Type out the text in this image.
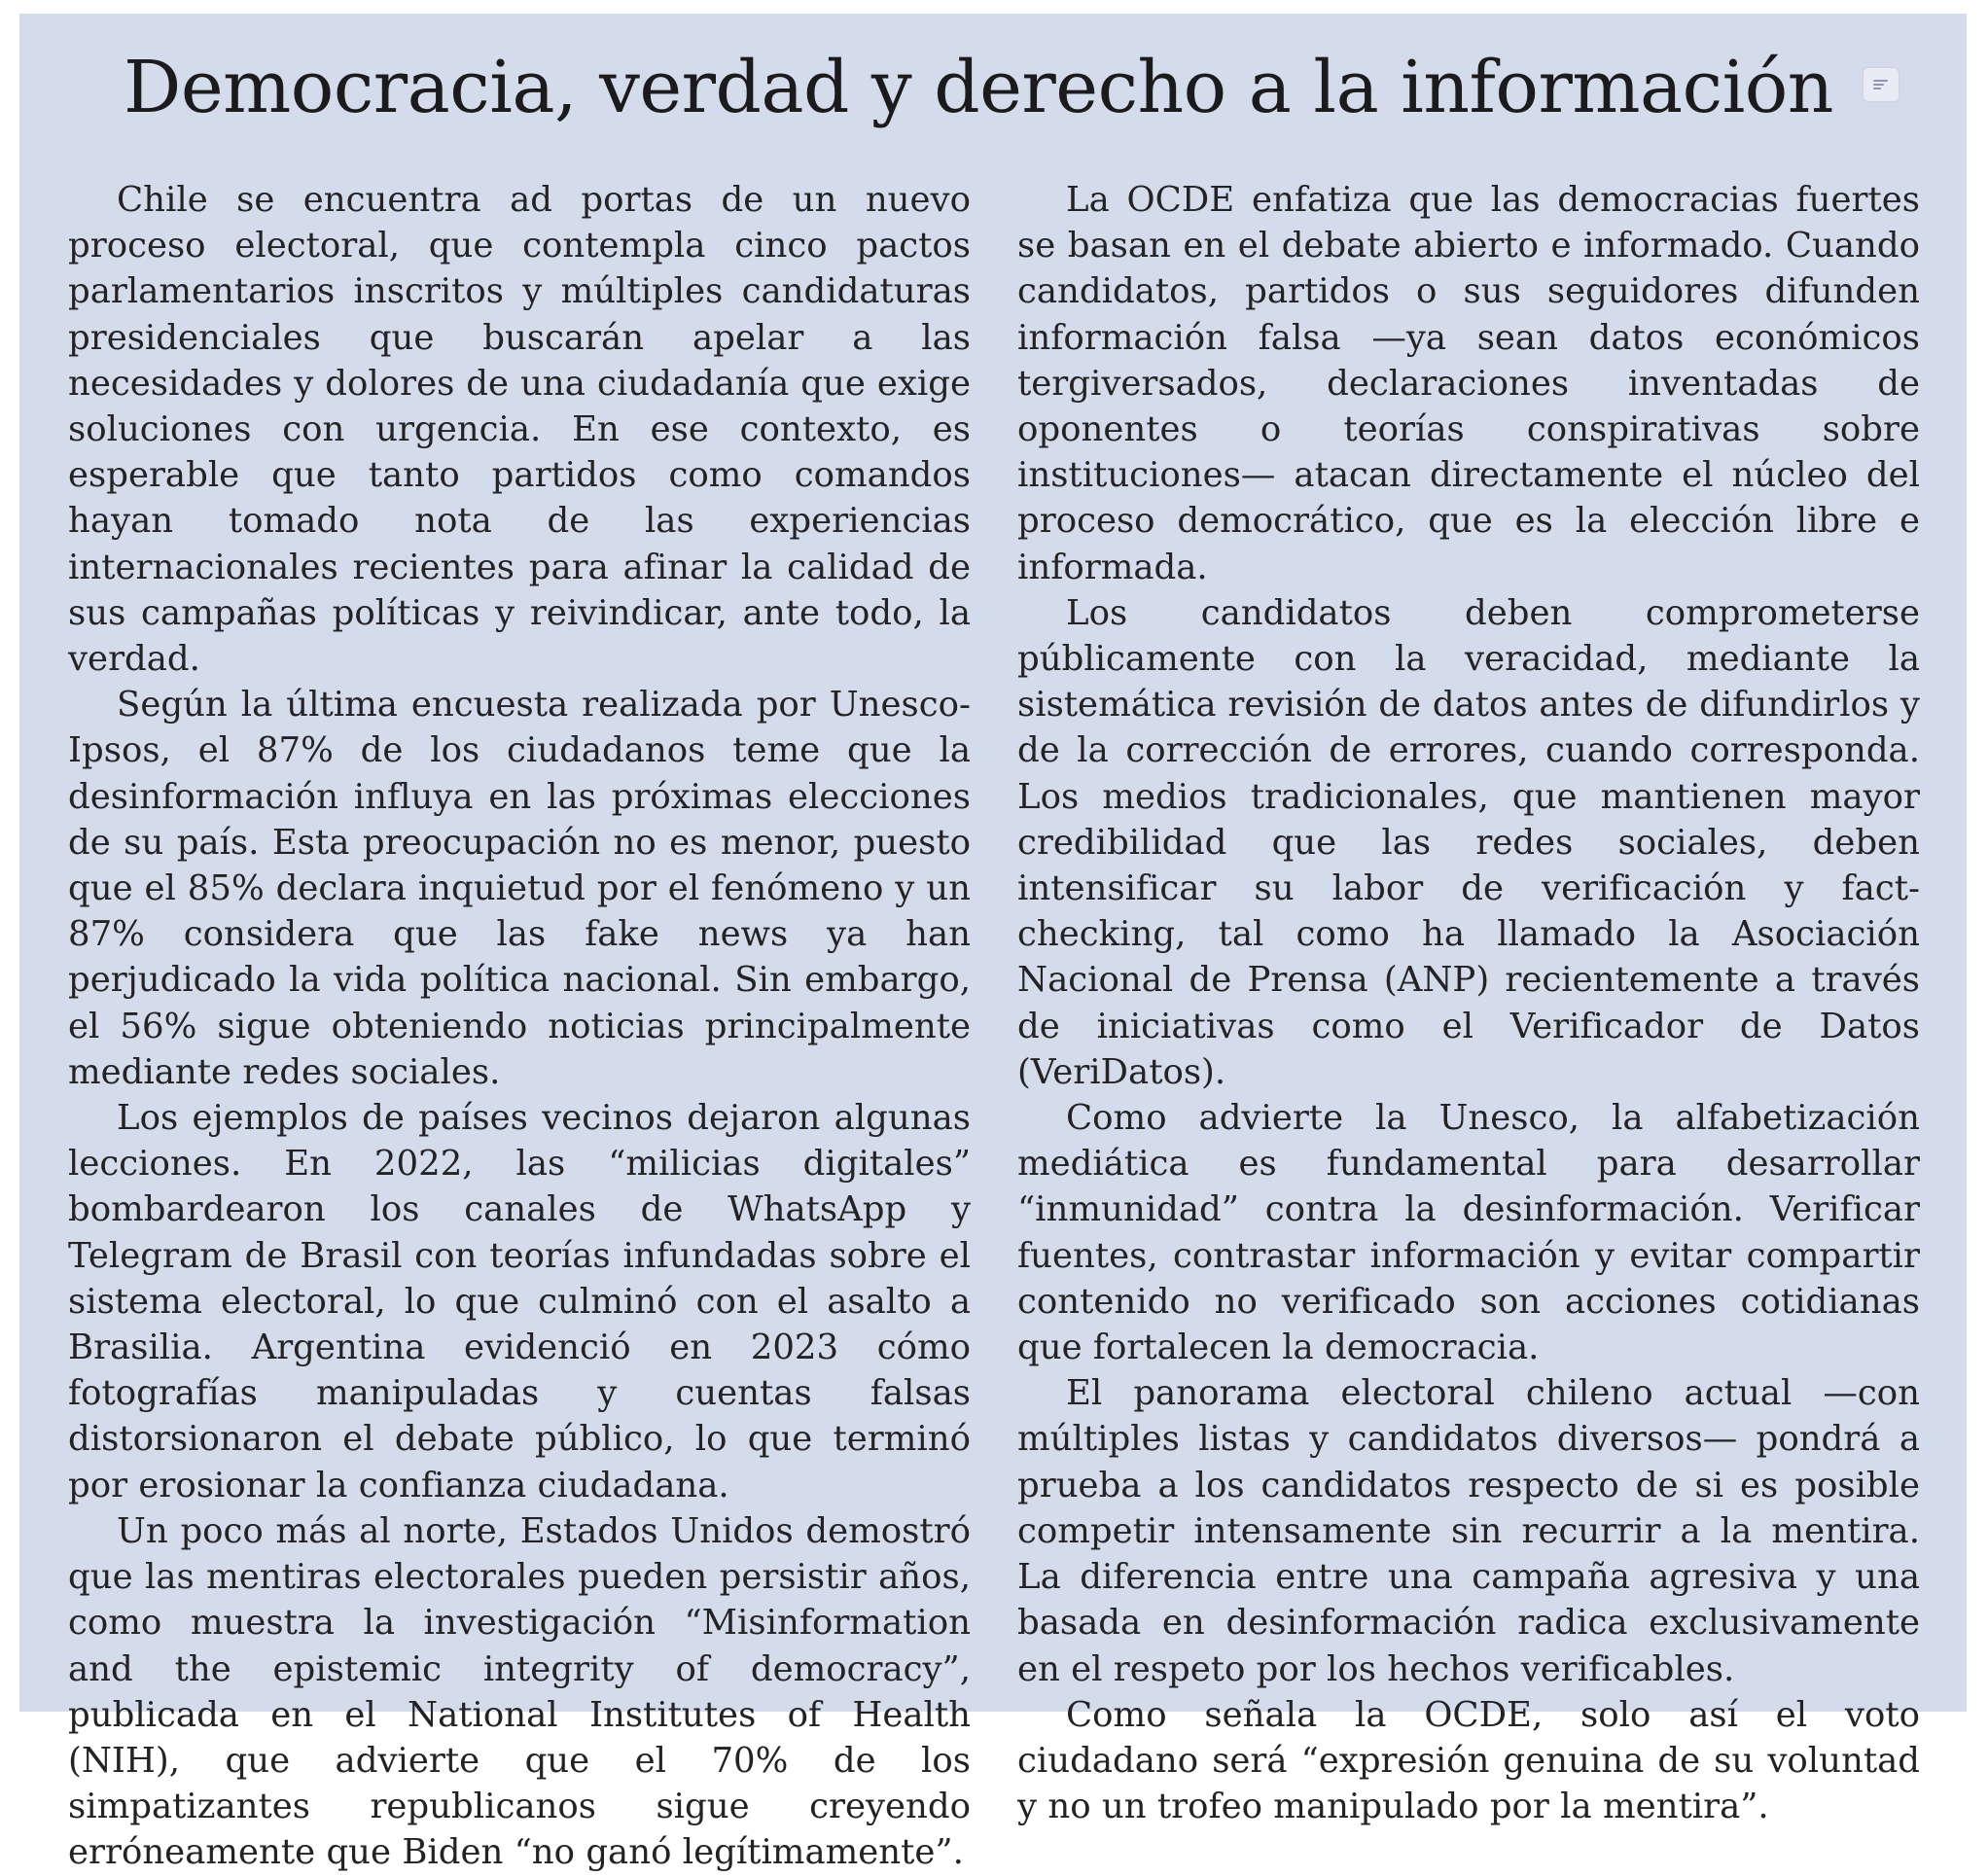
Democracia, verdad y derecho a la información

Chile se encuentra ad portas de un nuevo proceso electoral, que contempla cinco pactos parlamentarios inscritos y múltiples candidaturas presidenciales que buscarán apelar a las necesidades y dolores de una ciudadanía que exige soluciones con urgencia. En ese contexto, es esperable que tanto partidos como comandos hayan tomado nota de las experiencias internacionales recientes para afinar la calidad de sus campañas políticas y reivindicar, ante todo, la verdad.

Según la última encuesta realizada por Unesco-Ipsos, el 87% de los ciudadanos teme que la desinformación influya en las próximas elecciones de su país. Esta preocupación no es menor, puesto que el 85% declara inquietud por el fenómeno y un 87% considera que las fake news ya han perjudicado la vida política nacional. Sin embargo, el 56% sigue obteniendo noticias principalmente mediante redes sociales.

Los ejemplos de países vecinos dejaron algunas lecciones. En 2022, las “milicias digitales” bombardearon los canales de WhatsApp y Telegram de Brasil con teorías infundadas sobre el sistema electoral, lo que culminó con el asalto a Brasilia. Argentina evidenció en 2023 cómo fotografías manipuladas y cuentas falsas distorsionaron el debate público, lo que terminó por erosionar la confianza ciudadana.

Un poco más al norte, Estados Unidos demostró que las mentiras electorales pueden persistir años, como muestra la investigación “Misinformation and the epistemic integrity of democracy”, publicada en el National Institutes of Health (NIH), que advierte que el 70% de los simpatizantes republicanos sigue creyendo erróneamente que Biden “no ganó legítimamente”.

La OCDE enfatiza que las democracias fuertes se basan en el debate abierto e informado. Cuando candidatos, partidos o sus seguidores difunden información falsa —ya sean datos económicos tergiversados, declaraciones inventadas de oponentes o teorías conspirativas sobre instituciones— atacan directamente el núcleo del proceso democrático, que es la elección libre e informada.

Los candidatos deben comprometerse públicamente con la veracidad, mediante la sistemática revisión de datos antes de difundirlos y de la corrección de errores, cuando corresponda. Los medios tradicionales, que mantienen mayor credibilidad que las redes sociales, deben intensificar su labor de verificación y fact-checking, tal como ha llamado la Asociación Nacional de Prensa (ANP) recientemente a través de iniciativas como el Verificador de Datos (VeriDatos).

Como advierte la Unesco, la alfabetización mediática es fundamental para desarrollar “inmunidad” contra la desinformación. Verificar fuentes, contrastar información y evitar compartir contenido no verificado son acciones cotidianas que fortalecen la democracia.

El panorama electoral chileno actual —con múltiples listas y candidatos diversos— pondrá a prueba a los candidatos respecto de si es posible competir intensamente sin recurrir a la mentira. La diferencia entre una campaña agresiva y una basada en desinformación radica exclusivamente en el respeto por los hechos verificables.

Como señala la OCDE, solo así el voto ciudadano será “expresión genuina de su voluntad y no un trofeo manipulado por la mentira”.
